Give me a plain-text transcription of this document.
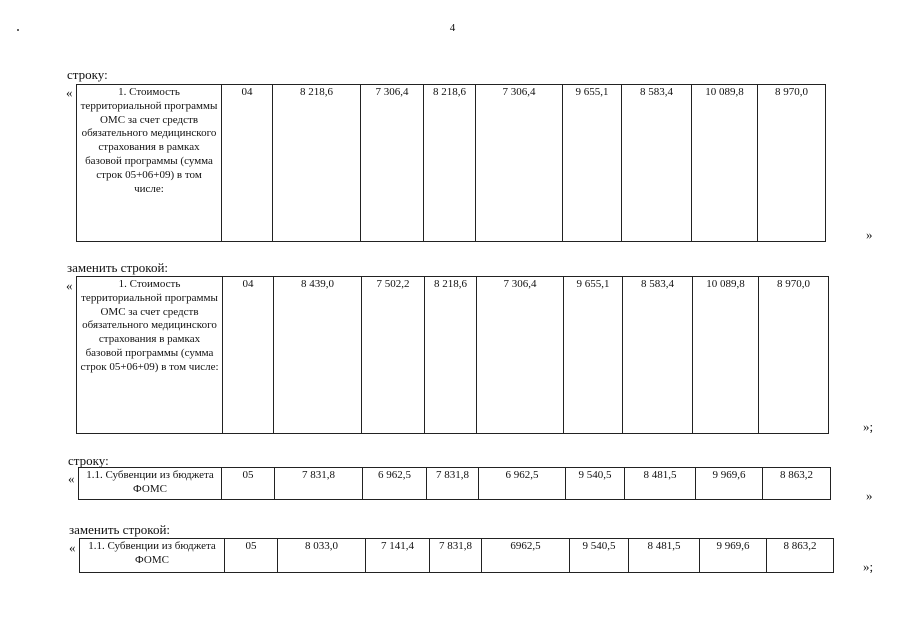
4
строку:
«	1. Стоимость территориальной программы ОМС за счет средств обязательного медицинского страхования в рамках базовой программы (сумма строк 05+06+09) в том числе:	04	8 218,6	7 306,4	8 218,6	7 306,4	9 655,1	8 583,4	10 089,8	8 970,0
»
заменить строкой:
«	1. Стоимость территориальной программы ОМС за счет средств обязательного медицинского страхования в рамках базовой программы (сумма строк 05+06+09) в том числе:	04	8 439,0	7 502,2	8 218,6	7 306,4	9 655,1	8 583,4	10 089,8	8 970,0
»;
строку:
« 1.1. Субвенции из бюджета ФОМС	05	7 831,8	6 962,5	7 831,8	6 962,5	9 540,5	8 481,5	9 969,6	8 863,2
»
заменить строкой:
« 1.1. Субвенции из бюджета ФОМС	05	8 033,0	7 141,4	7 831,8	6962,5	9 540,5	8 481,5	9 969,6	8 863,2
»;
